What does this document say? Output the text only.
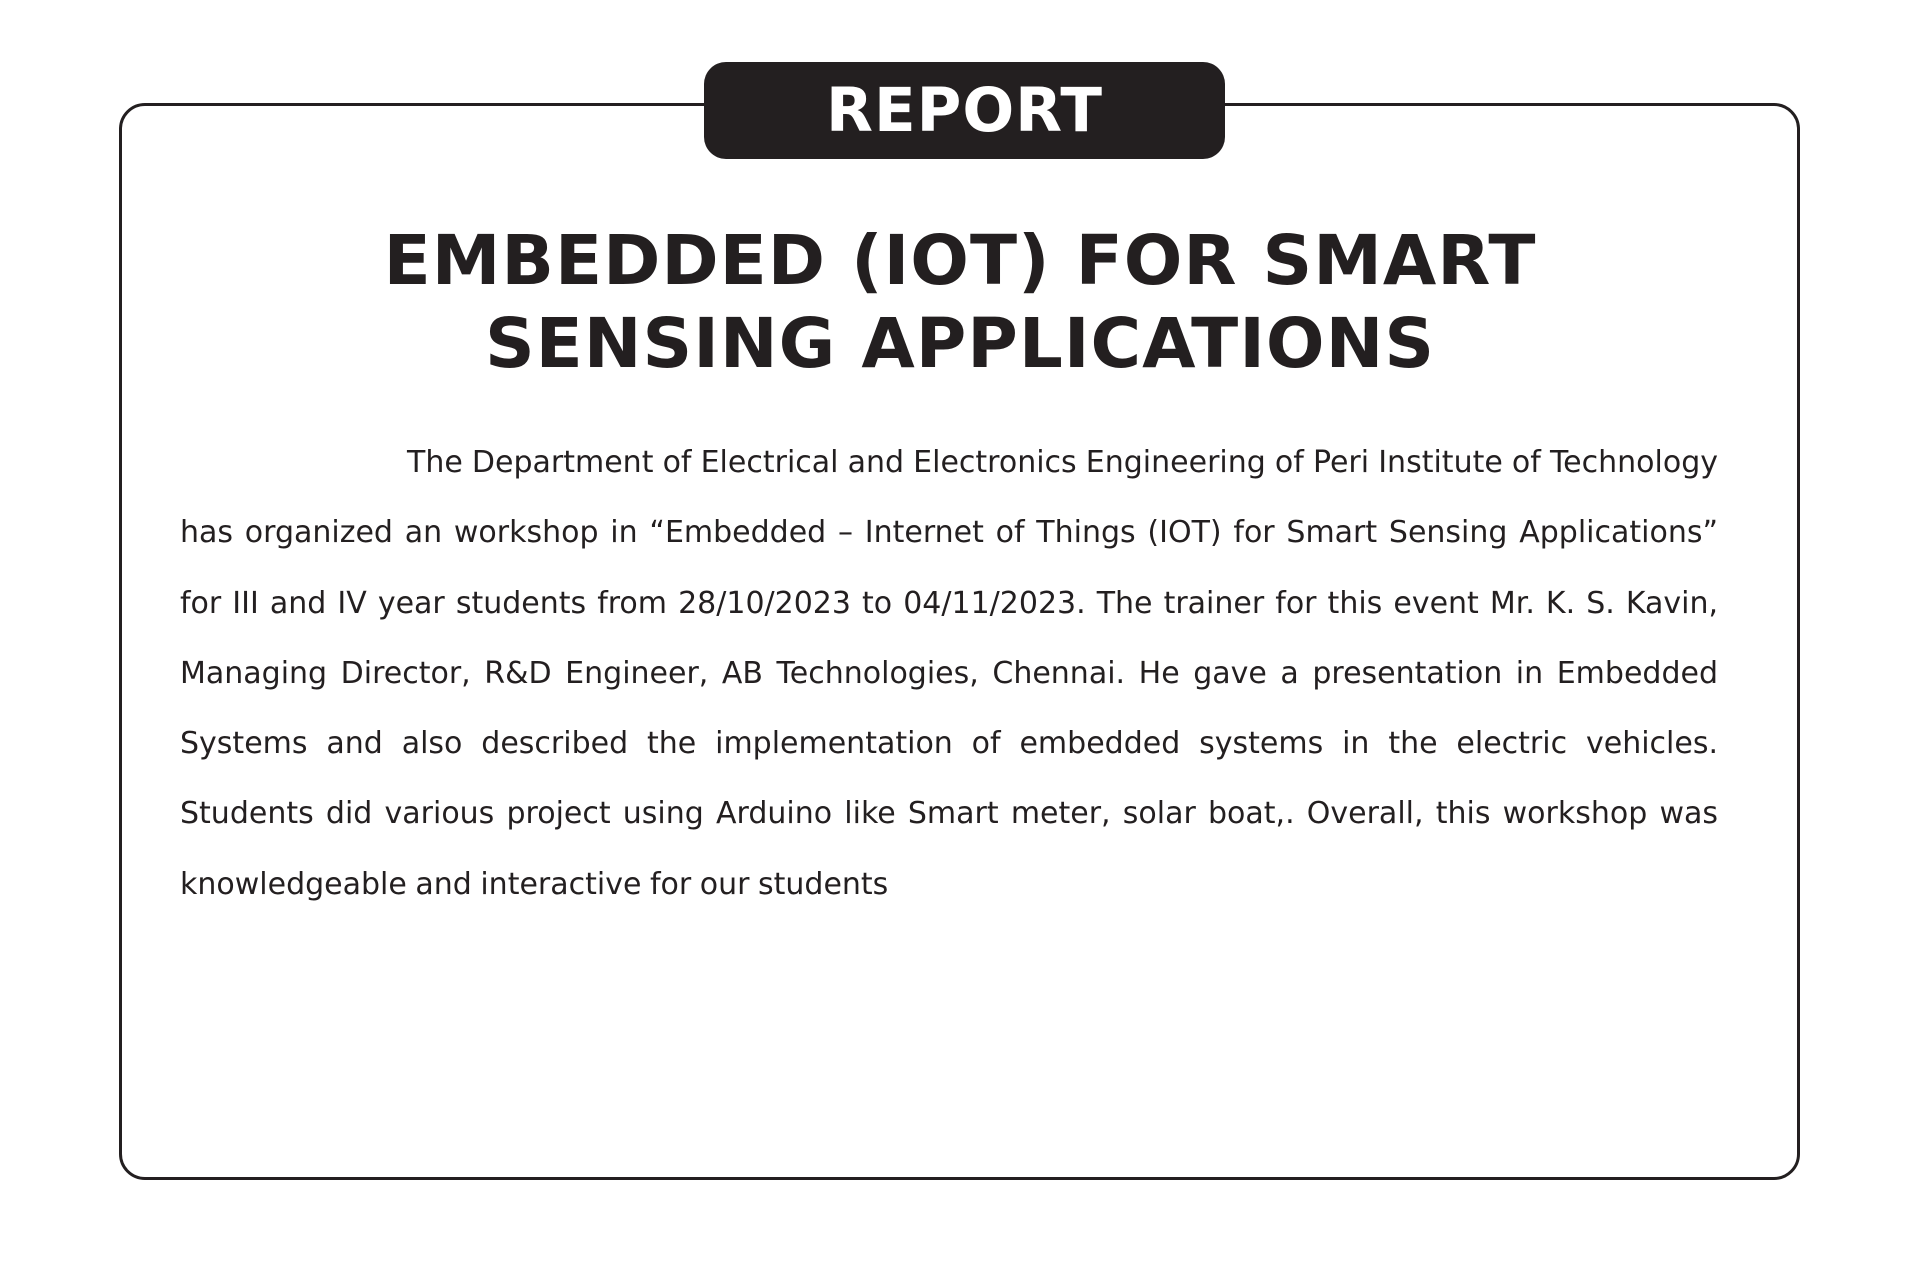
REPORT
EMBEDDED (IOT) FOR SMART
SENSING APPLICATIONS

The Department of Electrical and Electronics Engineering of Peri Institute of Technology has organized an workshop in “Embedded – Internet of Things (IOT) for Smart Sensing Applications” for III and IV year students from 28/10/2023 to 04/11/2023. The trainer for this event Mr. K. S. Kavin, Managing Director, R&D Engineer, AB Technologies, Chennai. He gave a presentation in Embedded Systems and also described the implementation of embedded systems in the electric vehicles. Students did various project using Arduino like Smart meter, solar boat,. Overall, this workshop was knowledgeable and interactive for our students
